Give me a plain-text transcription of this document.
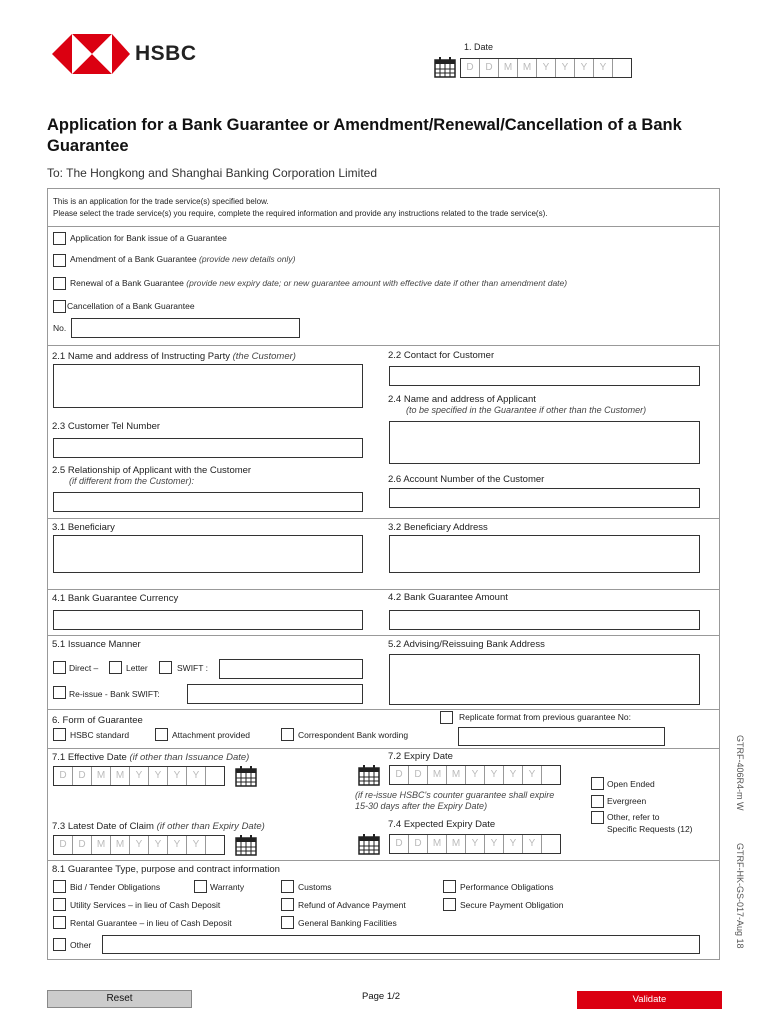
HSBC	1. Date
D	D	M	M	Y	Y	Y	Y
Application for a Bank Guarantee or Amendment/Renewal/Cancellation of a Bank Guarantee
To: The Hongkong and Shanghai Banking Corporation Limited
This is an application for the trade service(s) specified below.
Please select the trade service(s) you require, complete the required information and provide any instructions related to the trade service(s).
Application for Bank issue of a Guarantee
Amendment of a Bank Guarantee (provide new details only)
Renewal of a Bank Guarantee (provide new expiry date; or new guarantee amount with effective date if other than amendment date)
Cancellation of a Bank Guarantee
No.
2.1 Name and address of Instructing Party (the Customer)	2.2 Contact for Customer
2.4 Name and address of Applicant
(to be specified in the Guarantee if other than the Customer)
2.3 Customer Tel Number
2.5 Relationship of Applicant with the Customer
(if different from the Customer):	2.6 Account Number of the Customer
3.1 Beneficiary	3.2 Beneficiary Address
4.1 Bank Guarantee Currency	4.2 Bank Guarantee Amount
5.1 Issuance Manner
Direct –	Letter	SWIFT :
Re-issue - Bank SWIFT:
5.2 Advising/Reissuing Bank Address
6. Form of Guarantee
HSBC standard	Attachment provided	Correspondent Bank wording
Replicate format from previous guarantee No:
7.1 Effective Date (if other than Issuance Date)
D	D	M	M	Y	Y	Y	Y
7.2 Expiry Date
D	D	M	M	Y	Y	Y	Y
(if re-issue HSBC's counter guarantee shall expire
15-30 days after the Expiry Date)
Open Ended
Evergreen
Other, refer to
Specific Requests (12)
7.3 Latest Date of Claim (if other than Expiry Date)
D	D	M	M	Y	Y	Y	Y
7.4 Expected Expiry Date
D	D	M	M	Y	Y	Y	Y
8.1 Guarantee Type, purpose and contract information
Bid / Tender Obligations	Warranty	Customs	Performance Obligations
Utility Services – in lieu of Cash Deposit	Refund of Advance Payment	Secure Payment Obligation
Rental Guarantee – in lieu of Cash Deposit	General Banking Facilities
Other
GTRF-406R4-m W
GTRF-HK-GS-017-Aug 18
Reset	Page 1/2	Validate
